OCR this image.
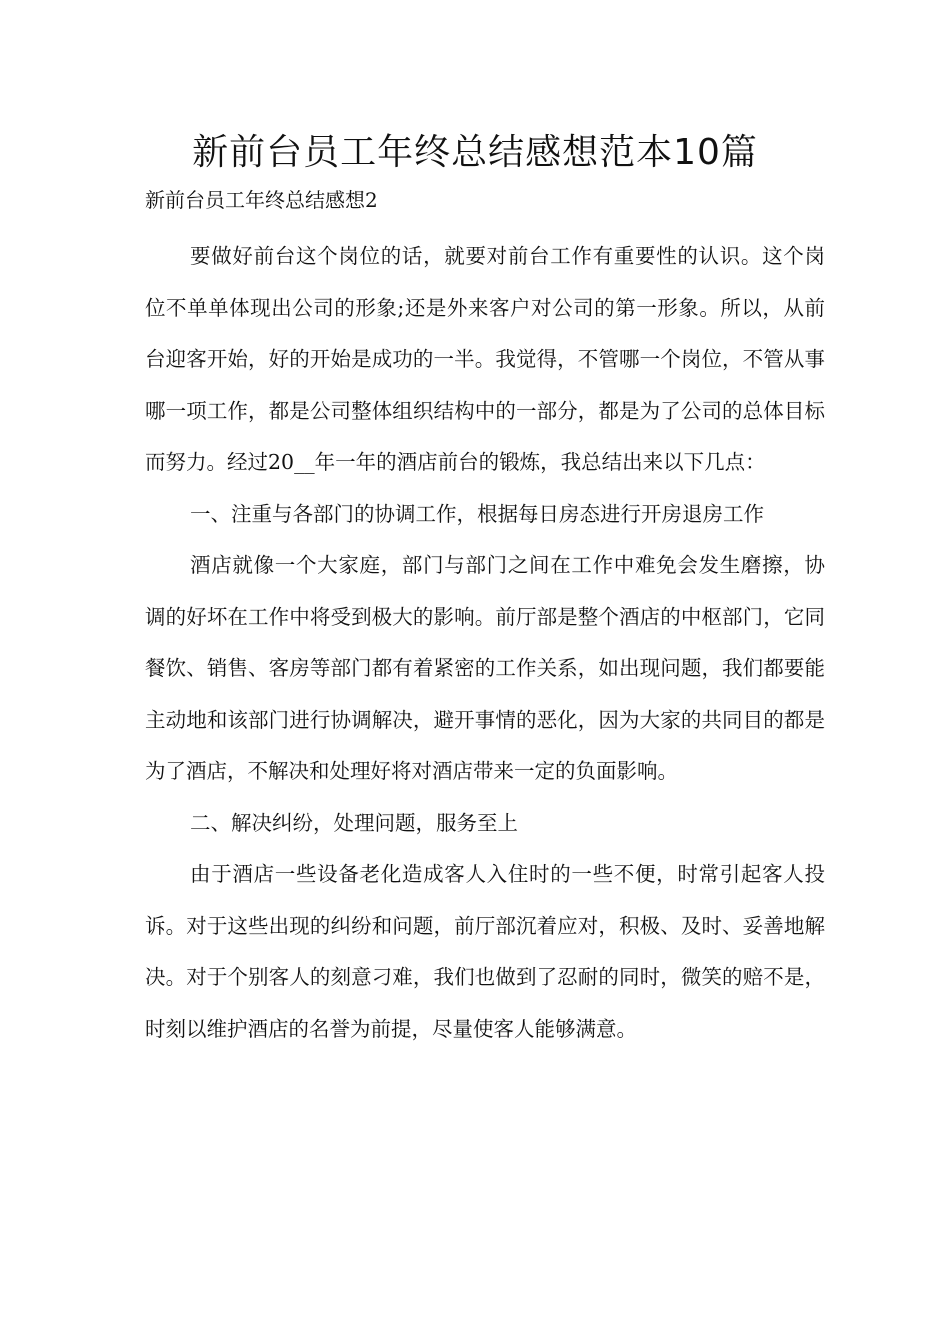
新前台员工年终总结感想范本10篇

新前台员工年终总结感想2

要做好前台这个岗位的话，就要对前台工作有重要性的认识。这个岗位不单单体现出公司的形象;还是外来客户对公司的第一形象。所以，从前台迎客开始，好的开始是成功的一半。我觉得，不管哪一个岗位，不管从事哪一项工作，都是公司整体组织结构中的一部分，都是为了公司的总体目标而努力。经过20__年一年的酒店前台的锻炼，我总结出来以下几点：

一、注重与各部门的协调工作，根据每日房态进行开房退房工作

酒店就像一个大家庭，部门与部门之间在工作中难免会发生磨擦，协调的好坏在工作中将受到极大的影响。前厅部是整个酒店的中枢部门，它同餐饮、销售、客房等部门都有着紧密的工作关系，如出现问题，我们都要能主动地和该部门进行协调解决，避开事情的恶化，因为大家的共同目的都是为了酒店，不解决和处理好将对酒店带来一定的负面影响。

二、解决纠纷，处理问题，服务至上

由于酒店一些设备老化造成客人入住时的一些不便，时常引起客人投诉。对于这些出现的纠纷和问题，前厅部沉着应对，积极、及时、妥善地解决。对于个别客人的刻意刁难，我们也做到了忍耐的同时，微笑的赔不是，时刻以维护酒店的名誉为前提，尽量使客人能够满意。
